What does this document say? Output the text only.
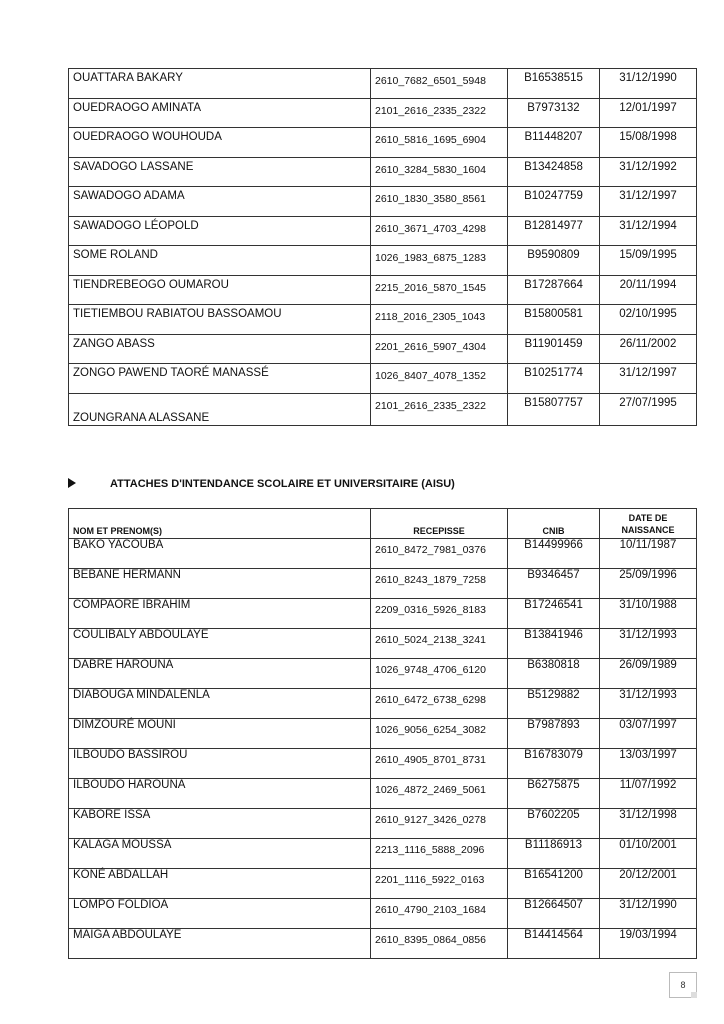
OUATTARA BAKARY	2610_7682_6501_5948	B16538515	31/12/1990
OUEDRAOGO AMINATA	2101_2616_2335_2322	B7973132	12/01/1997
OUEDRAOGO WOUHOUDA	2610_5816_1695_6904	B11448207	15/08/1998
SAVADOGO LASSANE	2610_3284_5830_1604	B13424858	31/12/1992
SAWADOGO ADAMA	2610_1830_3580_8561	B10247759	31/12/1997
SAWADOGO LÉOPOLD	2610_3671_4703_4298	B12814977	31/12/1994
SOME ROLAND	1026_1983_6875_1283	B9590809	15/09/1995
TIENDREBEOGO OUMAROU	2215_2016_5870_1545	B17287664	20/11/1994
TIETIEMBOU RABIATOU BASSOAMOU	2118_2016_2305_1043	B15800581	02/10/1995
ZANGO ABASS	2201_2616_5907_4304	B11901459	26/11/2002
ZONGO PAWEND TAORÉ MANASSÉ	1026_8407_4078_1352	B10251774	31/12/1997
ZOUNGRANA ALASSANE	2101_2616_2335_2322	B15807757	27/07/1995
ATTACHES D'INTENDANCE SCOLAIRE ET UNIVERSITAIRE (AISU)
NOM ET PRENOM(S)	RECEPISSE	CNIB	DATE DE
NAISSANCE
BAKO YACOUBA	2610_8472_7981_0376	B14499966	10/11/1987
BEBANE HERMANN	2610_8243_1879_7258	B9346457	25/09/1996
COMPAORE IBRAHIM	2209_0316_5926_8183	B17246541	31/10/1988
COULIBALY ABDOULAYE	2610_5024_2138_3241	B13841946	31/12/1993
DABRE HAROUNA	1026_9748_4706_6120	B6380818	26/09/1989
DIABOUGA MINDALENLA	2610_6472_6738_6298	B5129882	31/12/1993
DIMZOURÉ MOUNI	1026_9056_6254_3082	B7987893	03/07/1997
ILBOUDO BASSIROU	2610_4905_8701_8731	B16783079	13/03/1997
ILBOUDO HAROUNA	1026_4872_2469_5061	B6275875	11/07/1992
KABORE ISSA	2610_9127_3426_0278	B7602205	31/12/1998
KALAGA MOUSSA	2213_1116_5888_2096	B11186913	01/10/2001
KONÉ ABDALLAH	2201_1116_5922_0163	B16541200	20/12/2001
LOMPO FOLDIOA	2610_4790_2103_1684	B12664507	31/12/1990
MAIGA ABDOULAYE	2610_8395_0864_0856	B14414564	19/03/1994
8
